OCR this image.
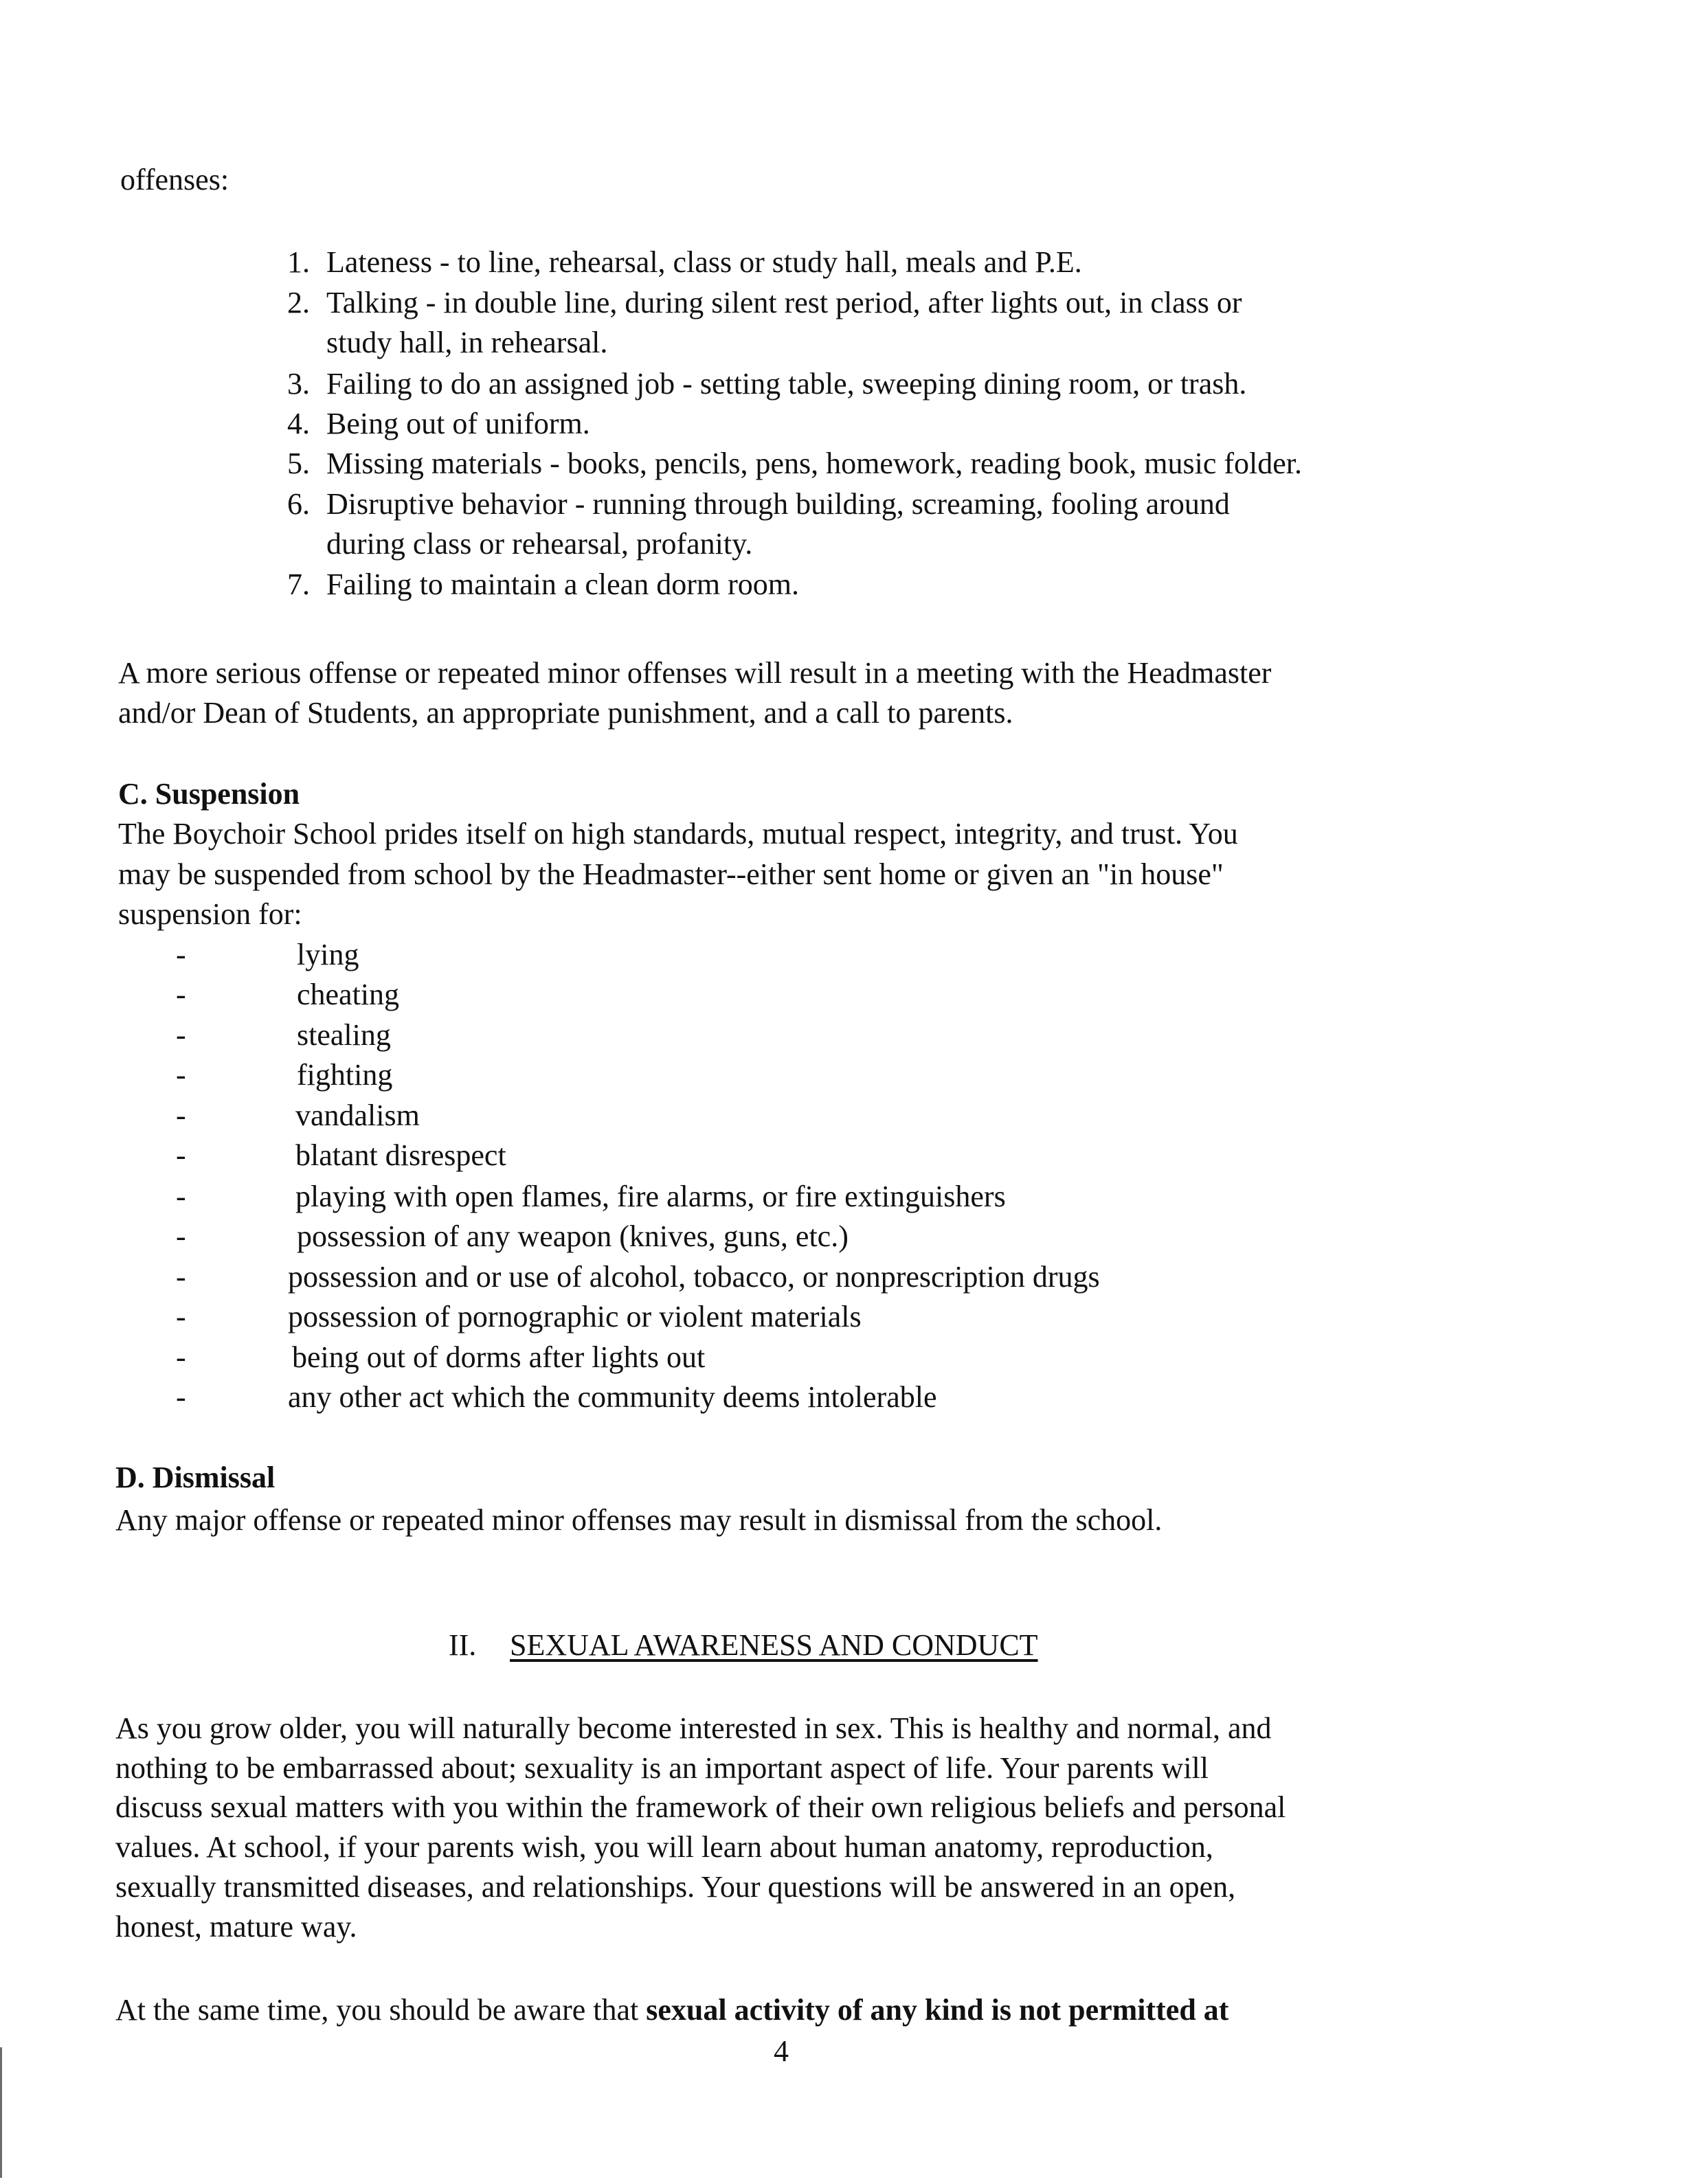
offenses:
1. Lateness - to line, rehearsal, class or study hall, meals and P.E.
2. Talking - in double line, during silent rest period, after lights out, in class or
study hall, in rehearsal.
3. Failing to do an assigned job - setting table, sweeping dining room, or trash.
4. Being out of uniform.
5. Missing materials - books, pencils, pens, homework, reading book, music folder.
6. Disruptive behavior - running through building, screaming, fooling around
during class or rehearsal, profanity.
7. Failing to maintain a clean dorm room.
A more serious offense or repeated minor offenses will result in a meeting with the Headmaster
and/or Dean of Students, an appropriate punishment, and a call to parents.
C. Suspension
The Boychoir School prides itself on high standards, mutual respect, integrity, and trust. You
may be suspended from school by the Headmaster--either sent home or given an "in house"
suspension for:
-	lying
-	cheating
-	stealing
-	fighting
-	vandalism
-	blatant disrespect
-	playing with open flames, fire alarms, or fire extinguishers
-	possession of any weapon (knives, guns, etc.)
-	possession and or use of alcohol, tobacco, or nonprescription drugs
-	possession of pornographic or violent materials
-	being out of dorms after lights out
-	any other act which the community deems intolerable
D. Dismissal
Any major offense or repeated minor offenses may result in dismissal from the school.
II. SEXUAL AWARENESS AND CONDUCT
As you grow older, you will naturally become interested in sex. This is healthy and normal, and
nothing to be embarrassed about; sexuality is an important aspect of life. Your parents will
discuss sexual matters with you within the framework of their own religious beliefs and personal
values. At school, if your parents wish, you will learn about human anatomy, reproduction,
sexually transmitted diseases, and relationships. Your questions will be answered in an open,
honest, mature way.
At the same time, you should be aware that sexual activity of any kind is not permitted at
4
